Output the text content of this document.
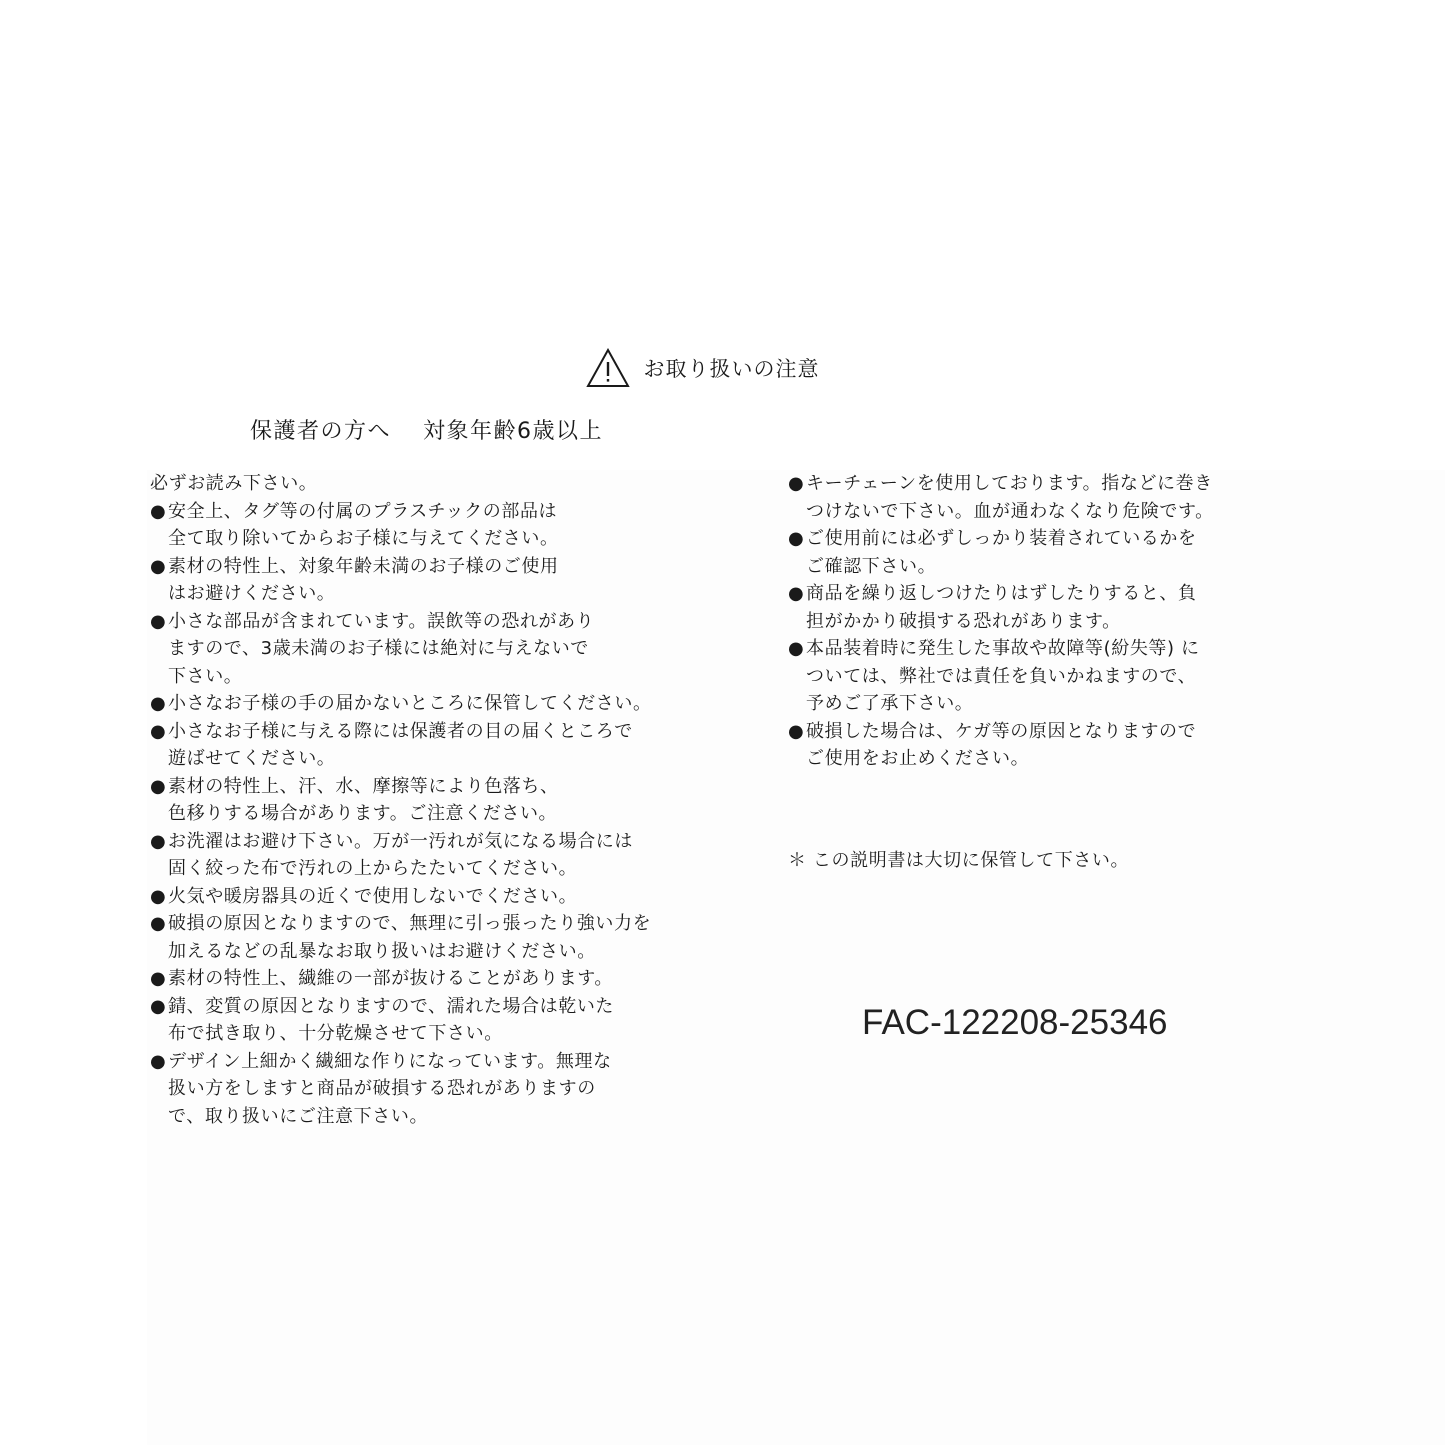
お取り扱いの注意
保護者の方へ　 対象年齢6歳以上
必ずお読み下さい。
●安全上、タグ等の付属のプラスチックの部品は
全て取り除いてからお子様に与えてください。
●素材の特性上、対象年齢未満のお子様のご使用
はお避けください。
●小さな部品が含まれています。誤飲等の恐れがあり
ますので、3歳未満のお子様には絶対に与えないで
下さい。
●小さなお子様の手の届かないところに保管してください。
●小さなお子様に与える際には保護者の目の届くところで
遊ばせてください。
●素材の特性上、汗、水、摩擦等により色落ち、
色移りする場合があります。ご注意ください。
●お洗濯はお避け下さい。万が一汚れが気になる場合には
固く絞った布で汚れの上からたたいてください。
●火気や暖房器具の近くで使用しないでください。
●破損の原因となりますので、無理に引っ張ったり強い力を
加えるなどの乱暴なお取り扱いはお避けください。
●素材の特性上、繊維の一部が抜けることがあります。
●錆、変質の原因となりますので、濡れた場合は乾いた
布で拭き取り、十分乾燥させて下さい。
●デザイン上細かく繊細な作りになっています。無理な
扱い方をしますと商品が破損する恐れがありますの
で、取り扱いにご注意下さい。
●キーチェーンを使用しております。指などに巻き
つけないで下さい。血が通わなくなり危険です。
●ご使用前には必ずしっかり装着されているかを
ご確認下さい。
●商品を繰り返しつけたりはずしたりすると、負
担がかかり破損する恐れがあります。
●本品装着時に発生した事故や故障等(紛失等) に
ついては、弊社では責任を負いかねますので、
予めご了承下さい。
●破損した場合は、ケガ等の原因となりますので
ご使用をお止めください。
＊ この説明書は大切に保管して下さい。
FAC-122208-25346
